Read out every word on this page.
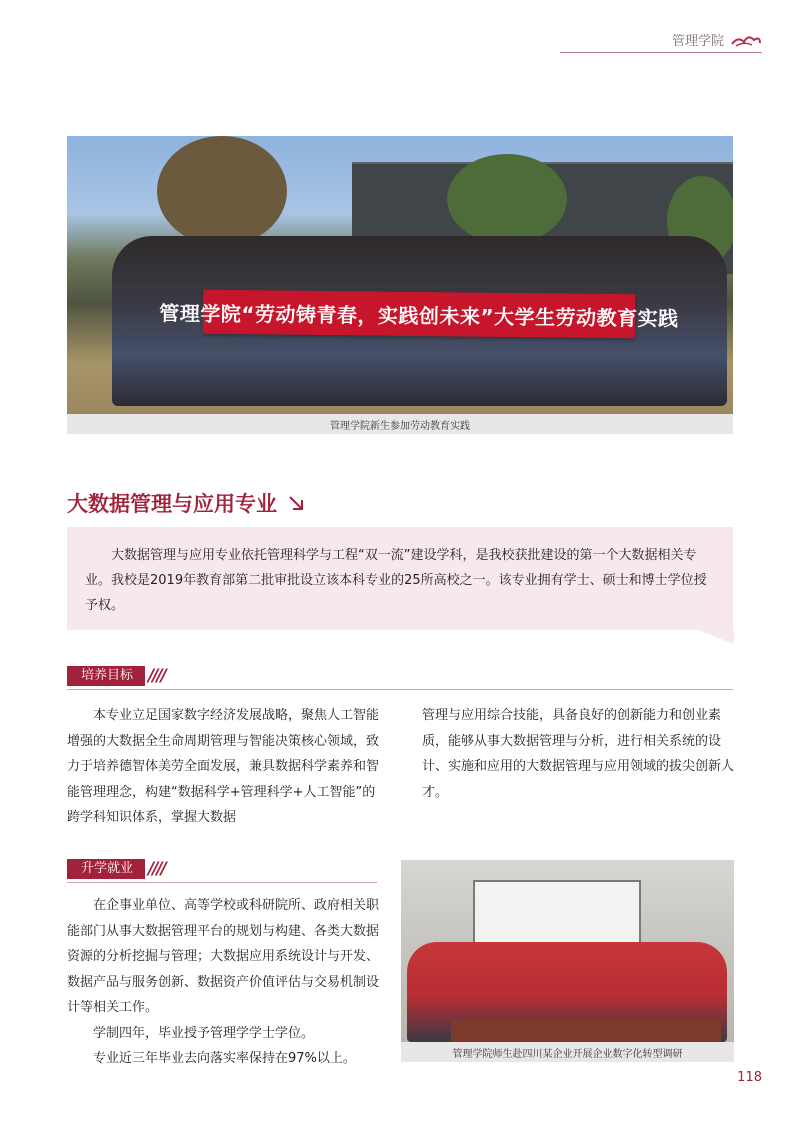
管理学院
管理学院“劳动铸青春，实践创未来”大学生劳动教育实践
管理学院新生参加劳动教育实践
大数据管理与应用专业

大数据管理与应用专业依托管理科学与工程“双一流”建设学科，是我校获批建设的第一个大数据相关专业。我校是2019年教育部第二批审批设立该本科专业的25所高校之一。该专业拥有学士、硕士和博士学位授予权。

培养目标 ////

本专业立足国家数字经济发展战略，聚焦人工智能增强的大数据全生命周期管理与智能决策核心领域，致力于培养德智体美劳全面发展，兼具数据科学素养和智能管理理念，构建“数据科学+管理科学+人工智能”的跨学科知识体系，掌握大数据

管理与应用综合技能，具备良好的创新能力和创业素质，能够从事大数据管理与分析，进行相关系统的设计、实施和应用的大数据管理与应用领域的拔尖创新人才。

升学就业 ////

在企事业单位、高等学校或科研院所、政府相关职能部门从事大数据管理平台的规划与构建、各类大数据资源的分析挖掘与管理；大数据应用系统设计与开发、数据产品与服务创新、数据资产价值评估与交易机制设计等相关工作。

学制四年，毕业授予管理学学士学位。

专业近三年毕业去向落实率保持在97%以上。	管理学院师生赴四川某企业开展企业数字化转型调研
118
